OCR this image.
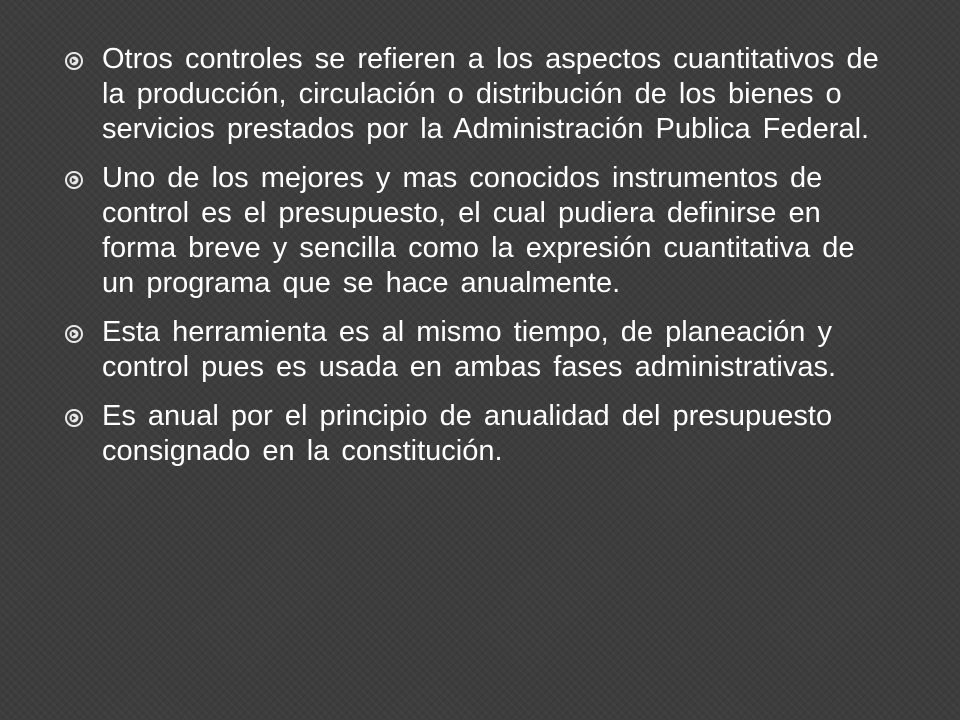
Otros controles se refieren a los aspectos cuantitativos de la producción, circulación o distribución de los bienes o servicios prestados por la Administración Publica Federal.
Uno de los mejores y mas conocidos instrumentos de control es el presupuesto, el cual pudiera definirse en forma breve y sencilla como la expresión cuantitativa de un programa que se hace anualmente.
Esta herramienta es al mismo tiempo, de planeación y control pues es usada en ambas fases administrativas.
Es anual por el principio de anualidad del presupuesto consignado en la constitución.
